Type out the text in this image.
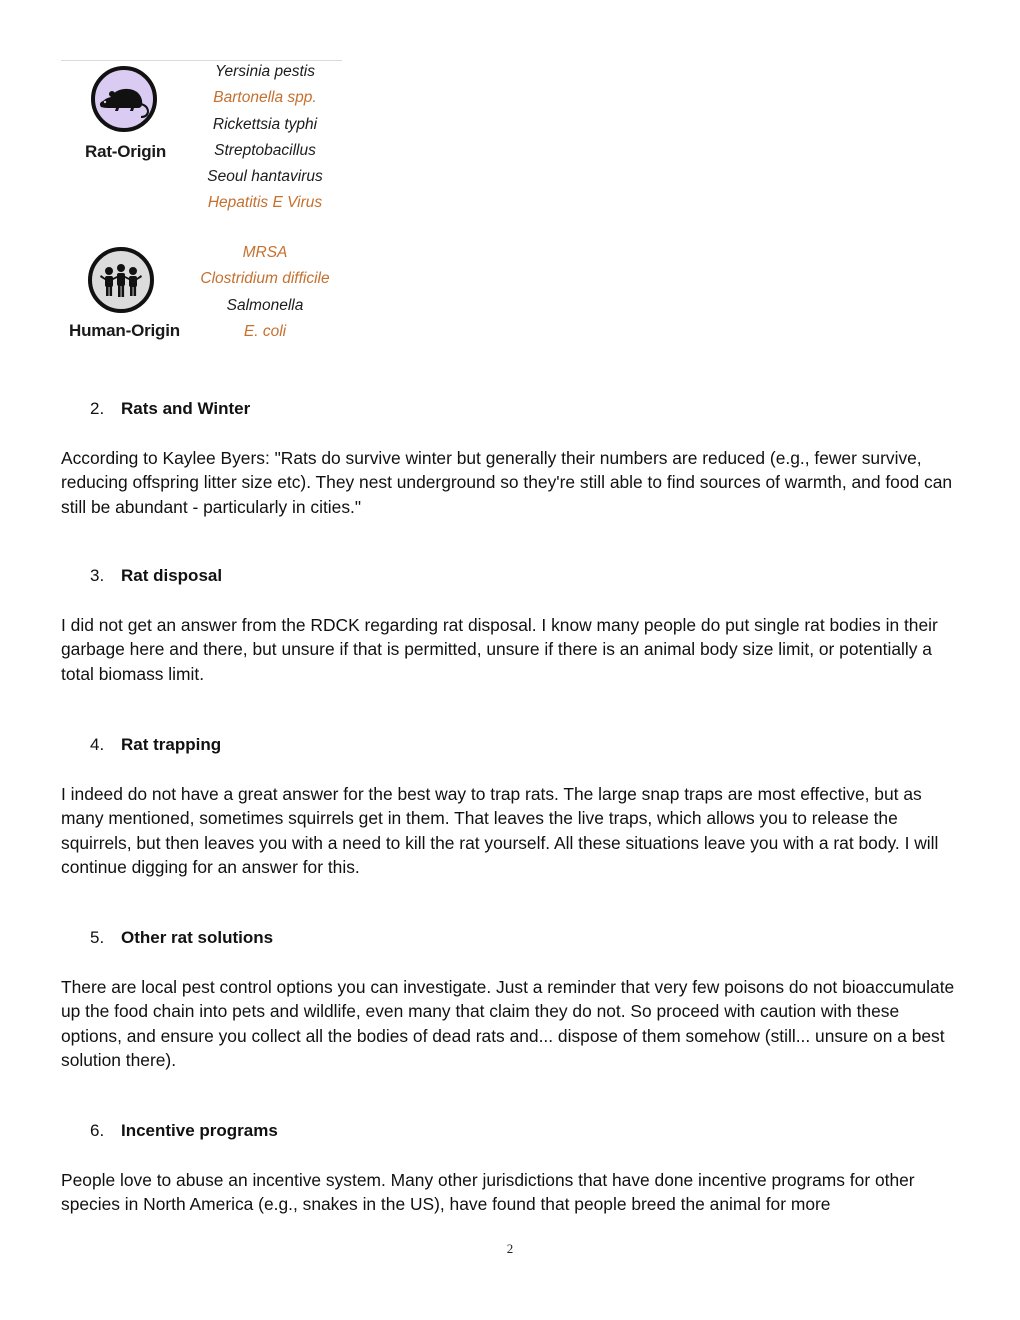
Rat-Origin
Yersinia pestis
Bartonella spp.
Rickettsia typhi
Streptobacillus
Seoul hantavirus
Hepatitis E Virus
Human-Origin
MRSA
Clostridium difficile
Salmonella
E. coli
2. Rats and Winter
According to Kaylee Byers: "Rats do survive winter but generally their numbers are reduced (e.g., fewer survive, reducing offspring litter size etc). They nest underground so they're still able to find sources of warmth, and food can still be abundant - particularly in cities."
3. Rat disposal
I did not get an answer from the RDCK regarding rat disposal. I know many people do put single rat bodies in their garbage here and there, but unsure if that is permitted, unsure if there is an animal body size limit, or potentially a total biomass limit.
4. Rat trapping
I indeed do not have a great answer for the best way to trap rats. The large snap traps are most effective, but as many mentioned, sometimes squirrels get in them. That leaves the live traps, which allows you to release the squirrels, but then leaves you with a need to kill the rat yourself. All these situations leave you with a rat body. I will continue digging for an answer for this.
5. Other rat solutions
There are local pest control options you can investigate. Just a reminder that very few poisons do not bioaccumulate up the food chain into pets and wildlife, even many that claim they do not. So proceed with caution with these options, and ensure you collect all the bodies of dead rats and... dispose of them somehow (still... unsure on a best solution there).
6. Incentive programs
People love to abuse an incentive system. Many other jurisdictions that have done incentive programs for other species in North America (e.g., snakes in the US), have found that people breed the animal for more
2
